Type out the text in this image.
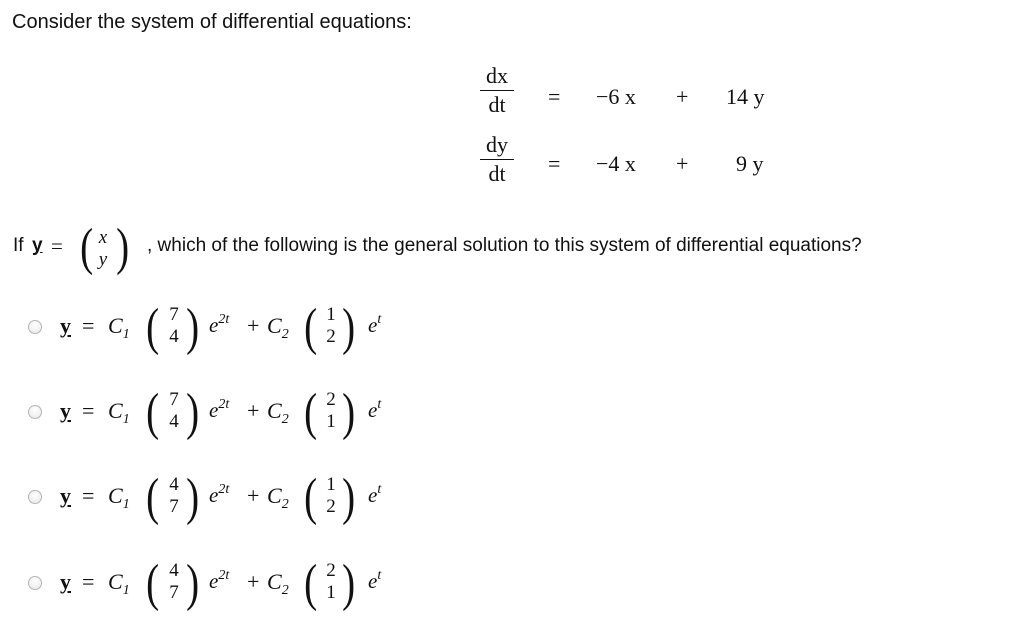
Consider the system of differential equations:
dx
dt	= −6 x + 14 y
dy
dt	= −4 x + 9 y
If y = ( x
y ) , which of the following is the general solution to this system of differential equations?
$y = C_1$ ( 7
4 ) $e^{2t} + C_2$ ( 1
2 ) $e^t$
$y = C_1$ ( 7
4 ) $e^{2t} + C_2$ ( 2
1 ) $e^t$
$y = C_1$ ( 4
7 ) $e^{2t} + C_2$ ( 1
2 ) $e^t$
$y = C_1$ ( 4
7 ) $e^{2t} + C_2$ ( 2
1 ) $e^t$
